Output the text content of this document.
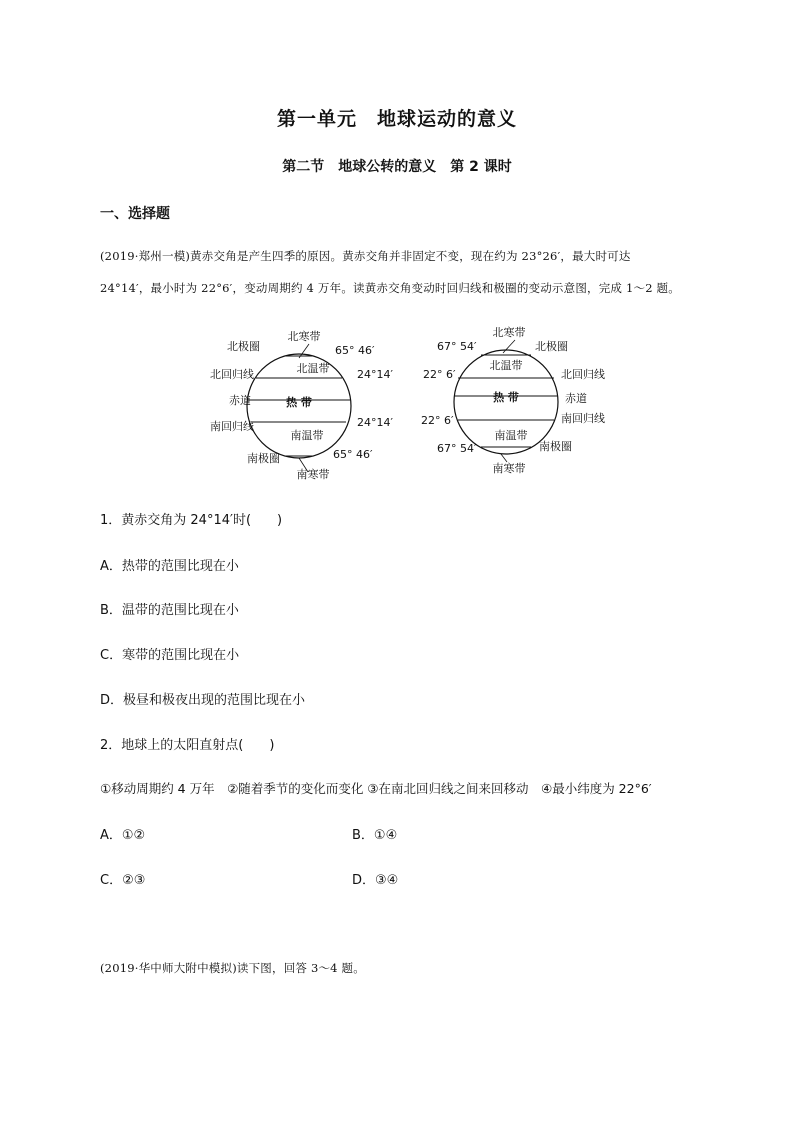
第一单元　地球运动的意义
第二节　地球公转的意义　第 2 课时
一、选择题
(2019·郑州一模)黄赤交角是产生四季的原因。黄赤交角并非固定不变，现在约为 23°26′，最大时可达
24°14′，最小时为 22°6′，变动周期约 4 万年。读黄赤交角变动时回归线和极圈的变动示意图，完成 1～2 题。
北寒带
北极圈
北回归线
赤道
南回归线
南极圈
南寒带
北温带
热 带
南温带
65° 46′
24°14′
24°14′
65° 46′
北寒带
北极圈
北回归线
赤道
南回归线
南极圈
南寒带
北温带
热 带
南温带
67° 54′
22° 6′
22° 6′
67° 54′
1．黄赤交角为 24°14′时(　　)
A．热带的范围比现在小
B．温带的范围比现在小
C．寒带的范围比现在小
D．极昼和极夜出现的范围比现在小
2．地球上的太阳直射点(　　)
①移动周期约 4 万年　②随着季节的变化而变化 ③在南北回归线之间来回移动　④最小纬度为 22°6′
A．①②	B．①④
C．②③	D．③④
(2019·华中师大附中模拟)读下图，回答 3～4 题。
